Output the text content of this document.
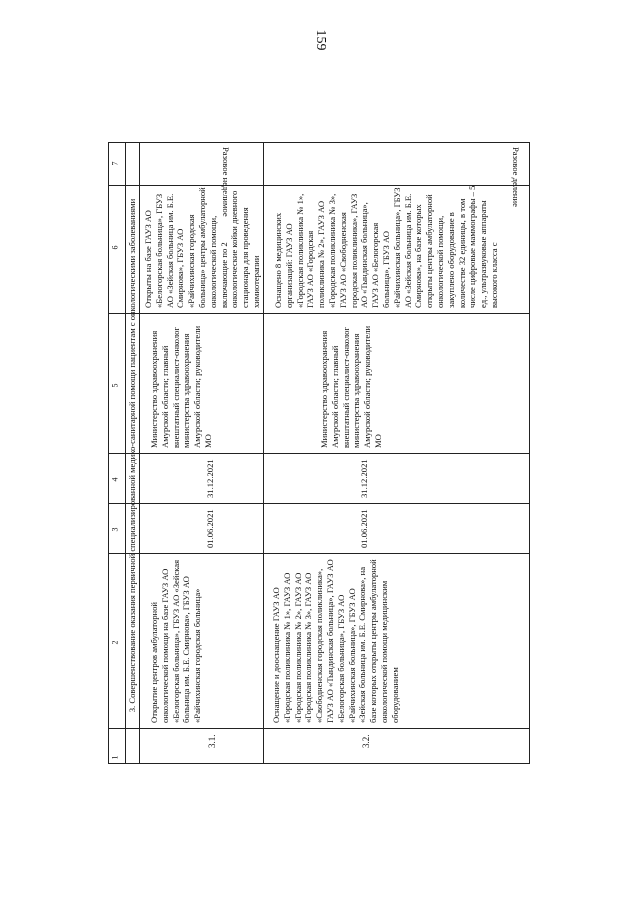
159
1
2
3
4
5
6
7
3. Совершенствование оказания первичной специализированной медико-санитарной помощи пациентам с онкологическими заболеваниями
3.1.
Открытие центров амбулаторной онкологической помощи на базе ГАУЗ АО «Белогорская больница», ГБУЗ АО «Зейская больница им. Б.Е. Смирнова», ГБУЗ АО «Райчихинская городская больница»
01.06.2021
31.12.2021
Министерство здравоохранения Амурской области; главный внештатный специалист-онколог министерства здравоохранения Амурской области; руководители МО
Открыты на базе ГАУЗ АО «Белогорская больница», ГБУЗ АО «Зейская больница им. Б.Е. Смирнова», ГБУЗ АО «Райчихинская городская больница» центры амбулаторной онкологической помощи, включающие по 2 онкологические койки дневного стационара для проведения химиотерапии
Разовое неделимое
3.2.
Оснащение и дооснащение ГАУЗ АО «Городская поликлиника № 1», ГАУЗ АО «Городская поликлиника № 2», ГАУЗ АО «Городская поликлиника № 3», ГАУЗ АО «Свободненская городская поликлиника», ГАУЗ АО «Тындинская больница», ГАУЗ АО «Белогорская больница», ГБУЗ АО «Райчихинская больница», ГБУЗ АО «Зейская больница им. Б.Е. Смирнова», на базе которых открыты центры амбулаторной онкологической помощи медицинским оборудованием
01.06.2021
31.12.2021
Министерство здравоохранения Амурской области; главный внештатный специалист-онколог министерства здравоохранения Амурской области; руководители МО
Оснащено 8 медицинских организаций: ГАУЗ АО «Городская поликлиника № 1», ГАУЗ АО «Городская поликлиника № 2», ГАУЗ АО «Городская поликлиника № 3», ГАУЗ АО «Свободненская городская поликлиника», ГАУЗ АО «Тындинская больница», ГАУЗ АО «Белогорская больница», ГБУЗ АО «Райчихинская больница», ГБУЗ АО «Зейская больница им. Б.Е. Смирнова», на базе которых открыты центры амбулаторной онкологической помощи, закуплено оборудование в количестве 32 единицы, в том числе цифровые маммографы – 5 ед., ультразвуковые аппараты высокого класса с
Разовое деление
